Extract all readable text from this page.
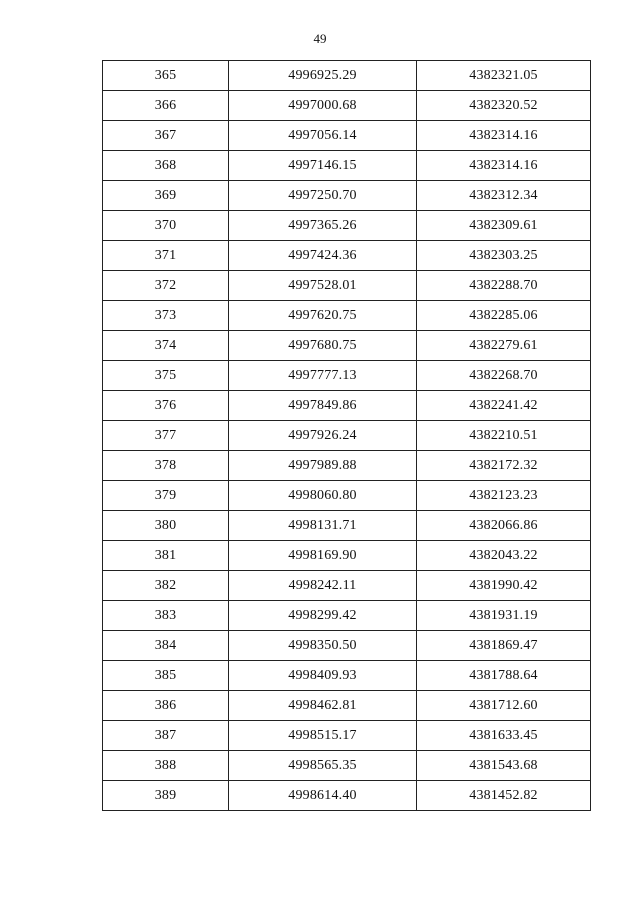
49
365	4996925.29	4382321.05
366	4997000.68	4382320.52
367	4997056.14	4382314.16
368	4997146.15	4382314.16
369	4997250.70	4382312.34
370	4997365.26	4382309.61
371	4997424.36	4382303.25
372	4997528.01	4382288.70
373	4997620.75	4382285.06
374	4997680.75	4382279.61
375	4997777.13	4382268.70
376	4997849.86	4382241.42
377	4997926.24	4382210.51
378	4997989.88	4382172.32
379	4998060.80	4382123.23
380	4998131.71	4382066.86
381	4998169.90	4382043.22
382	4998242.11	4381990.42
383	4998299.42	4381931.19
384	4998350.50	4381869.47
385	4998409.93	4381788.64
386	4998462.81	4381712.60
387	4998515.17	4381633.45
388	4998565.35	4381543.68
389	4998614.40	4381452.82
